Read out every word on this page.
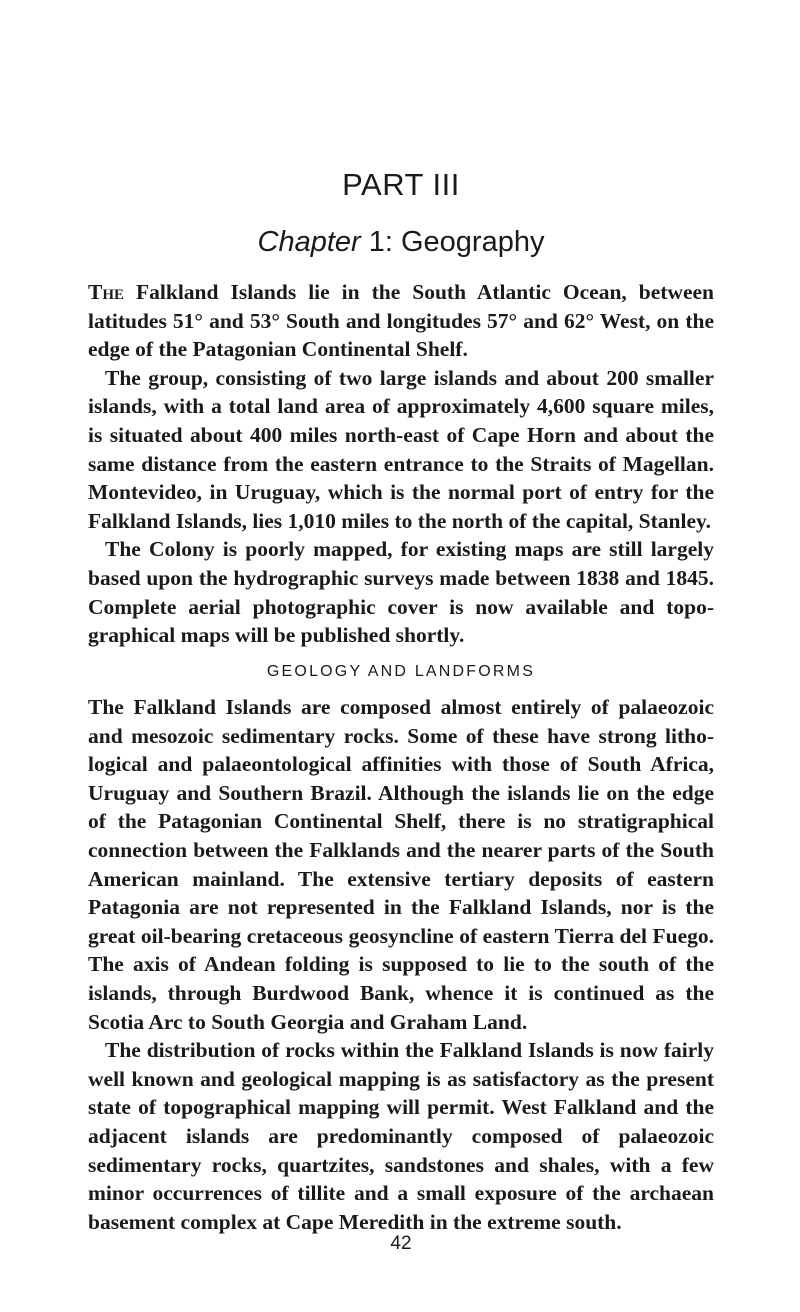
PART III
Chapter 1: Geography

The Falkland Islands lie in the South Atlantic Ocean, between latitudes 51° and 53° South and longitudes 57° and 62° West, on the edge of the Patagonian Continental Shelf.

The group, consisting of two large islands and about 200 smaller islands, with a total land area of approximately 4,600 square miles, is situated about 400 miles north-east of Cape Horn and about the same distance from the eastern entrance to the Straits of Magellan. Montevideo, in Uruguay, which is the normal port of entry for the Falkland Islands, lies 1,010 miles to the north of the capital, Stanley.

The Colony is poorly mapped, for existing maps are still largely based upon the hydrographic surveys made between 1838 and 1845. Complete aerial photographic cover is now available and topographical maps will be published shortly.

GEOLOGY AND LANDFORMS

The Falkland Islands are composed almost entirely of palaeozoic and mesozoic sedimentary rocks. Some of these have strong lithological and palaeontological affinities with those of South Africa, Uruguay and Southern Brazil. Although the islands lie on the edge of the Patagonian Continental Shelf, there is no stratigraphical connection between the Falklands and the nearer parts of the South American mainland. The extensive tertiary deposits of eastern Patagonia are not represented in the Falkland Islands, nor is the great oil-bearing cretaceous geosyncline of eastern Tierra del Fuego. The axis of Andean folding is supposed to lie to the south of the islands, through Burdwood Bank, whence it is continued as the Scotia Arc to South Georgia and Graham Land.

The distribution of rocks within the Falkland Islands is now fairly well known and geological mapping is as satisfactory as the present state of topographical mapping will permit. West Falkland and the adjacent islands are predominantly composed of palaeozoic sedimentary rocks, quartzites, sandstones and shales, with a few minor occurrences of tillite and a small exposure of the archaean basement complex at Cape Meredith in the extreme south.

42
